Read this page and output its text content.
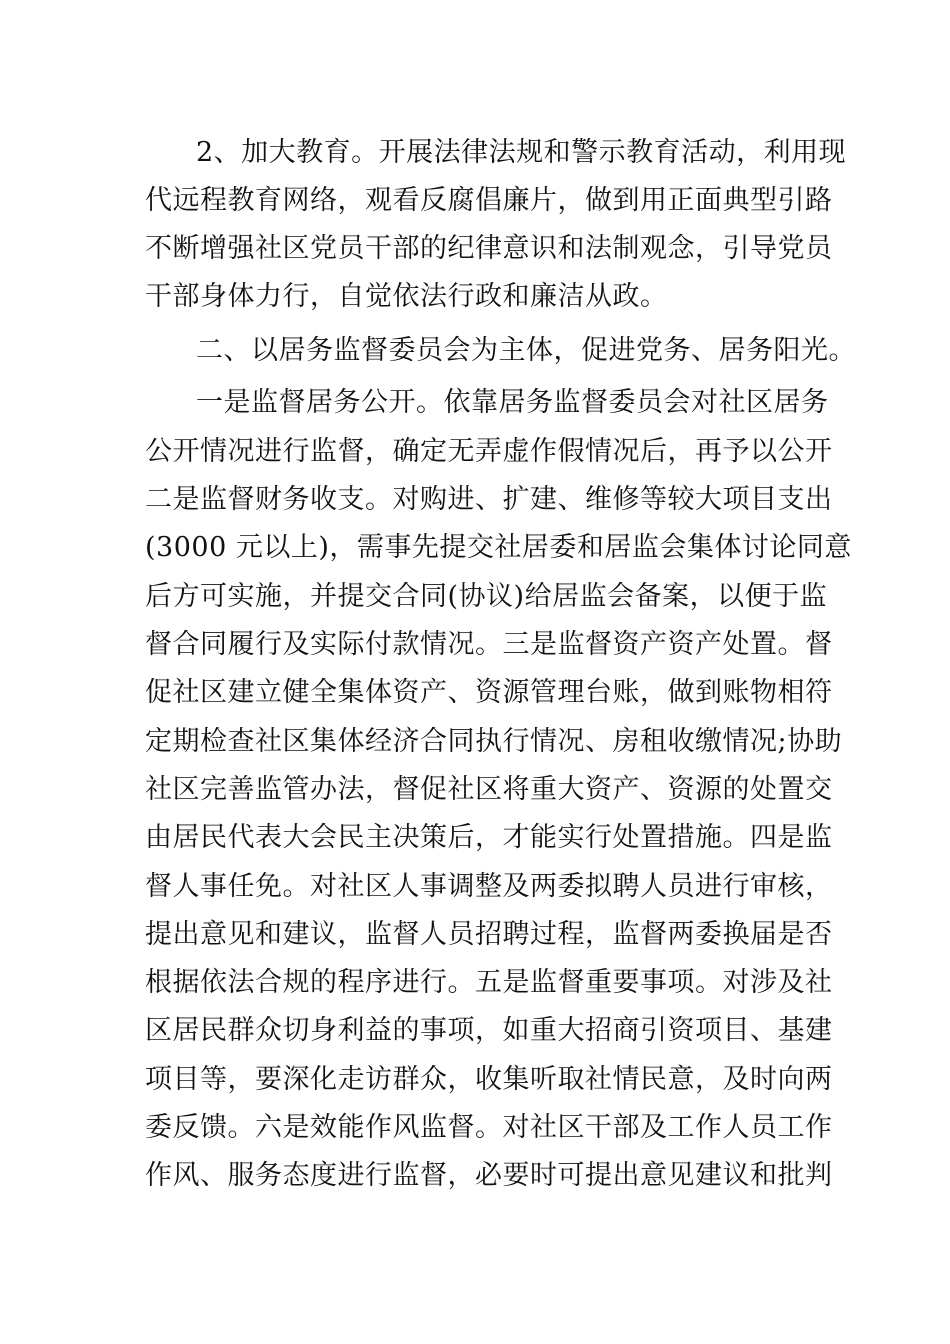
2、加大教育。开展法律法规和警示教育活动，利用现
代远程教育网络，观看反腐倡廉片，做到用正面典型引路
不断增强社区党员干部的纪律意识和法制观念，引导党员
干部身体力行，自觉依法行政和廉洁从政。
二、以居务监督委员会为主体，促进党务、居务阳光。
一是监督居务公开。依靠居务监督委员会对社区居务
公开情况进行监督，确定无弄虚作假情况后，再予以公开
二是监督财务收支。对购进、扩建、维修等较大项目支出
(3000 元以上)，需事先提交社居委和居监会集体讨论同意
后方可实施，并提交合同(协议)给居监会备案，以便于监
督合同履行及实际付款情况。三是监督资产资产处置。督
促社区建立健全集体资产、资源管理台账，做到账物相符
定期检查社区集体经济合同执行情况、房租收缴情况;协助
社区完善监管办法，督促社区将重大资产、资源的处置交
由居民代表大会民主决策后，才能实行处置措施。四是监
督人事任免。对社区人事调整及两委拟聘人员进行审核，
提出意见和建议，监督人员招聘过程，监督两委换届是否
根据依法合规的程序进行。五是监督重要事项。对涉及社
区居民群众切身利益的事项，如重大招商引资项目、基建
项目等，要深化走访群众，收集听取社情民意，及时向两
委反馈。六是效能作风监督。对社区干部及工作人员工作
作风、服务态度进行监督，必要时可提出意见建议和批判
